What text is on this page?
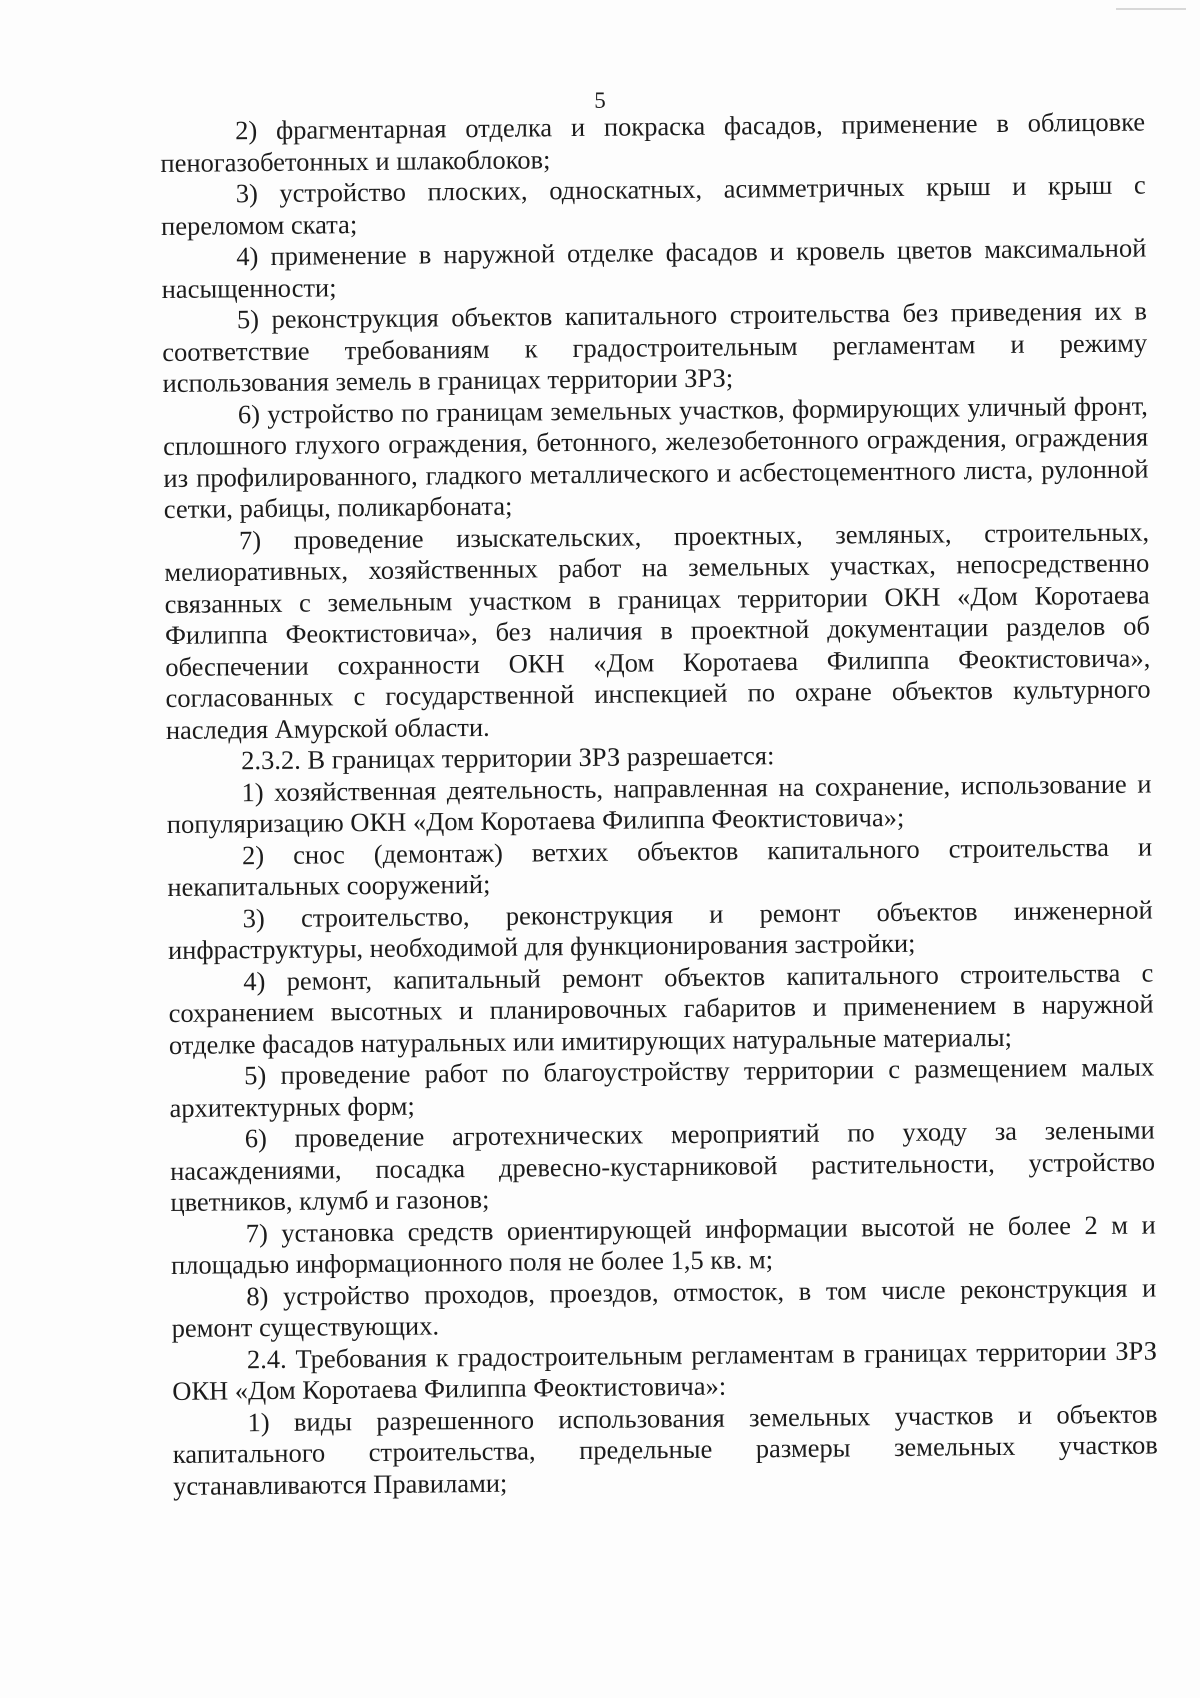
5

2) фрагментарная отделка и покраска фасадов, применение в облицовке пеногазобетонных и шлакоблоков;

3) устройство плоских, односкатных, асимметричных крыш и крыш с переломом ската;

4) применение в наружной отделке фасадов и кровель цветов максимальной насыщенности;

5) реконструкция объектов капитального строительства без приведения их в соответствие требованиям к градостроительным регламентам и режиму использования земель в границах территории ЗРЗ;

6) устройство по границам земельных участков, формирующих уличный фронт, сплошного глухого ограждения, бетонного, железобетонного ограждения, ограждения из профилированного, гладкого металлического и асбестоцементного листа, рулонной сетки, рабицы, поликарбоната;

7) проведение изыскательских, проектных, земляных, строительных, мелиоративных, хозяйственных работ на земельных участках, непосредственно связанных с земельным участком в границах территории ОКН «Дом Коротаева Филиппа Феоктистовича», без наличия в проектной документации разделов об обеспечении сохранности ОКН «Дом Коротаева Филиппа Феоктистовича», согласованных с государственной инспекцией по охране объектов культурного наследия Амурской области.

2.3.2. В границах территории ЗРЗ разрешается:

1) хозяйственная деятельность, направленная на сохранение, использование и популяризацию ОКН «Дом Коротаева Филиппа Феоктистовича»;

2) снос (демонтаж) ветхих объектов капитального строительства и некапитальных сооружений;

3) строительство, реконструкция и ремонт объектов инженерной инфраструктуры, необходимой для функционирования застройки;

4) ремонт, капитальный ремонт объектов капитального строительства с сохранением высотных и планировочных габаритов и применением в наружной отделке фасадов натуральных или имитирующих натуральные материалы;

5) проведение работ по благоустройству территории с размещением малых архитектурных форм;

6) проведение агротехнических мероприятий по уходу за зелеными насаждениями, посадка древесно-кустарниковой растительности, устройство цветников, клумб и газонов;

7) установка средств ориентирующей информации высотой не более 2 м и площадью информационного поля не более 1,5 кв. м;

8) устройство проходов, проездов, отмосток, в том числе реконструкция и ремонт существующих.

2.4. Требования к градостроительным регламентам в границах территории ЗРЗ ОКН «Дом Коротаева Филиппа Феоктистовича»:

1) виды разрешенного использования земельных участков и объектов капитального строительства, предельные размеры земельных участков устанавливаются Правилами;
